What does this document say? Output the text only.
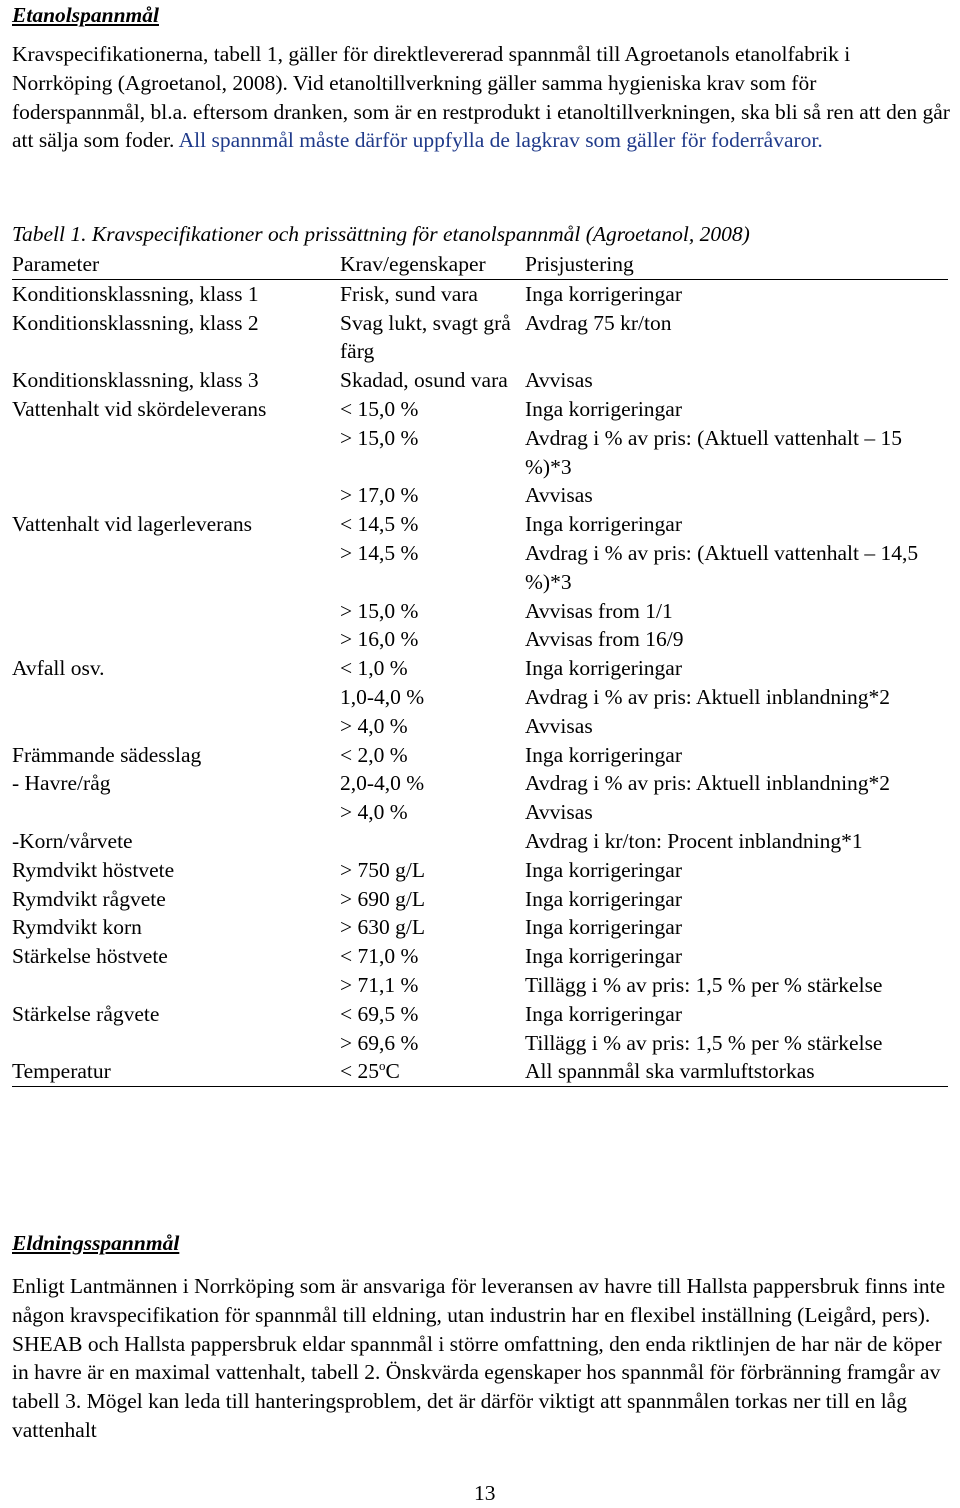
Etanolspannmål

Kravspecifikationerna, tabell 1, gäller för direktlevererad spannmål till Agroetanols etanolfabrik i Norrköping (Agroetanol, 2008). Vid etanoltillverkning gäller samma hygieniska krav som för foderspannmål, bl.a. eftersom dranken, som är en restprodukt i etanoltillverkningen, ska bli så ren att den går att sälja som foder. All spannmål måste därför uppfylla de lagkrav som gäller för foderråvaror.

Tabell 1. Kravspecifikationer och prissättning för etanolspannmål (Agroetanol, 2008)

Parameter	Krav/egenskaper	Prisjustering
Konditionsklassning, klass 1	Frisk, sund vara	Inga korrigeringar
Konditionsklassning, klass 2	Svag lukt, svagt grå färg	Avdrag 75 kr/ton
Konditionsklassning, klass 3	Skadad, osund vara	Avvisas
Vattenhalt vid skördeleverans	< 15,0 %	Inga korrigeringar
	> 15,0 %	Avdrag i % av pris: (Aktuell vattenhalt – 15 %)*3
	> 17,0 %	Avvisas
Vattenhalt vid lagerleverans	< 14,5 %	Inga korrigeringar
	> 14,5 %	Avdrag i % av pris: (Aktuell vattenhalt – 14,5 %)*3
	> 15,0 %	Avvisas from 1/1
	> 16,0 %	Avvisas from 16/9
Avfall osv.	< 1,0 %	Inga korrigeringar
	1,0-4,0 %	Avdrag i % av pris: Aktuell inblandning*2
	> 4,0 %	Avvisas
Främmande sädesslag	< 2,0 %	Inga korrigeringar
- Havre/råg	2,0-4,0 %	Avdrag i % av pris: Aktuell inblandning*2
	> 4,0 %	Avvisas
-Korn/vårvete		Avdrag i kr/ton: Procent inblandning*1
Rymdvikt höstvete	> 750 g/L	Inga korrigeringar
Rymdvikt rågvete	> 690 g/L	Inga korrigeringar
Rymdvikt korn	> 630 g/L	Inga korrigeringar
Stärkelse höstvete	< 71,0 %	Inga korrigeringar
	> 71,1 %	Tillägg i % av pris: 1,5 % per % stärkelse
Stärkelse rågvete	< 69,5 %	Inga korrigeringar
	> 69,6 %	Tillägg i % av pris: 1,5 % per % stärkelse
Temperatur	< $25^oC$	All spannmål ska varmluftstorkas

Eldningsspannmål

Enligt Lantmännen i Norrköping som är ansvariga för leveransen av havre till Hallsta pappersbruk finns inte någon kravspecifikation för spannmål till eldning, utan industrin har en flexibel inställning (Leigård, pers). SHEAB och Hallsta pappersbruk eldar spannmål i större omfattning, den enda riktlinjen de har när de köper in havre är en maximal vattenhalt, tabell 2. Önskvärda egenskaper hos spannmål för förbränning framgår av tabell 3. Mögel kan leda till hanteringsproblem, det är därför viktigt att spannmålen torkas ner till en låg vattenhalt

13
